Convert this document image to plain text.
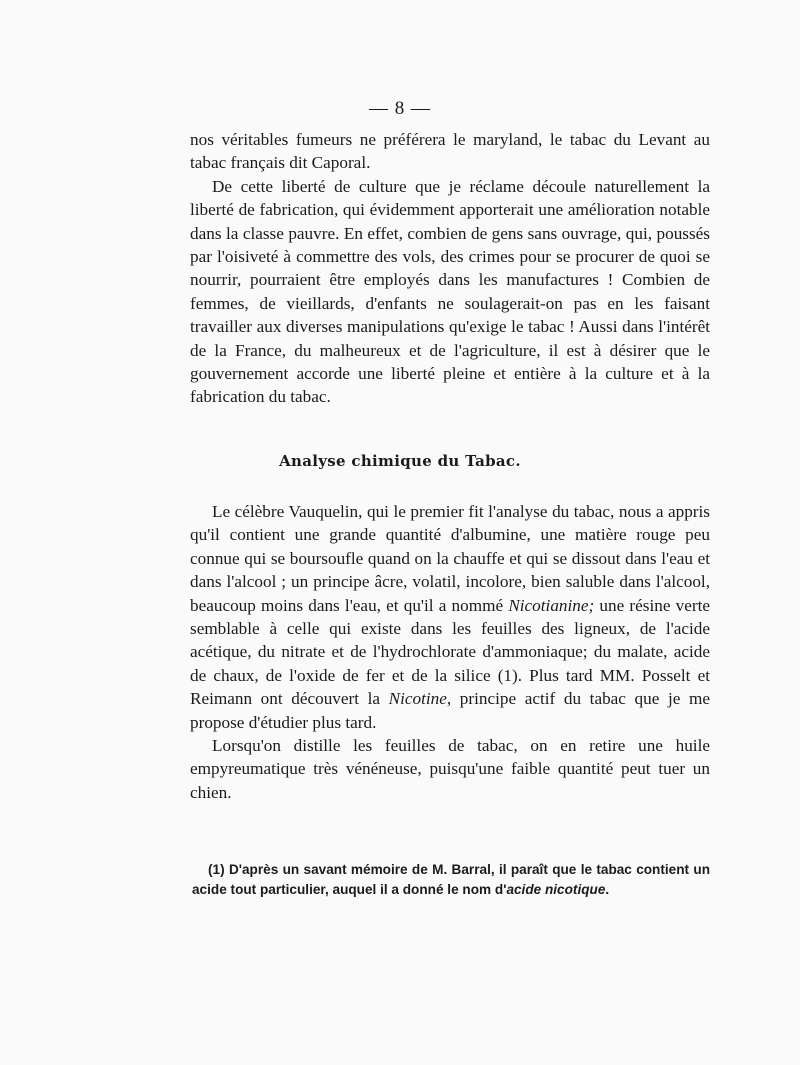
— 8 —

nos véritables fumeurs ne préférera le maryland, le tabac du Levant au tabac français dit Caporal.

De cette liberté de culture que je réclame découle naturellement la liberté de fabrication, qui évidemment apporterait une amélioration notable dans la classe pauvre. En effet, combien de gens sans ouvrage, qui, poussés par l'oisiveté à commettre des vols, des crimes pour se procurer de quoi se nourrir, pourraient être employés dans les manufactures ! Combien de femmes, de vieillards, d'enfants ne soulagerait-on pas en les faisant travailler aux diverses manipulations qu'exige le tabac ! Aussi dans l'intérêt de la France, du malheureux et de l'agriculture, il est à désirer que le gouvernement accorde une liberté pleine et entière à la culture et à la fabrication du tabac.

Analyse chimique du Tabac.

Le célèbre Vauquelin, qui le premier fit l'analyse du tabac, nous a appris qu'il contient une grande quantité d'albumine, une matière rouge peu connue qui se boursoufle quand on la chauffe et qui se dissout dans l'eau et dans l'alcool ; un principe âcre, volatil, incolore, bien saluble dans l'alcool, beaucoup moins dans l'eau, et qu'il a nommé Nicotianine; une résine verte semblable à celle qui existe dans les feuilles des ligneux, de l'acide acétique, du nitrate et de l'hydrochlorate d'ammoniaque; du malate, acide de chaux, de l'oxide de fer et de la silice (1). Plus tard MM. Posselt et Reimann ont découvert la Nicotine, principe actif du tabac que je me propose d'étudier plus tard.

Lorsqu'on distille les feuilles de tabac, on en retire une huile empyreumatique très vénéneuse, puisqu'une faible quantité peut tuer un chien.

(1) D'après un savant mémoire de M. Barral, il paraît que le tabac contient un acide tout particulier, auquel il a donné le nom d'acide nicotique.
